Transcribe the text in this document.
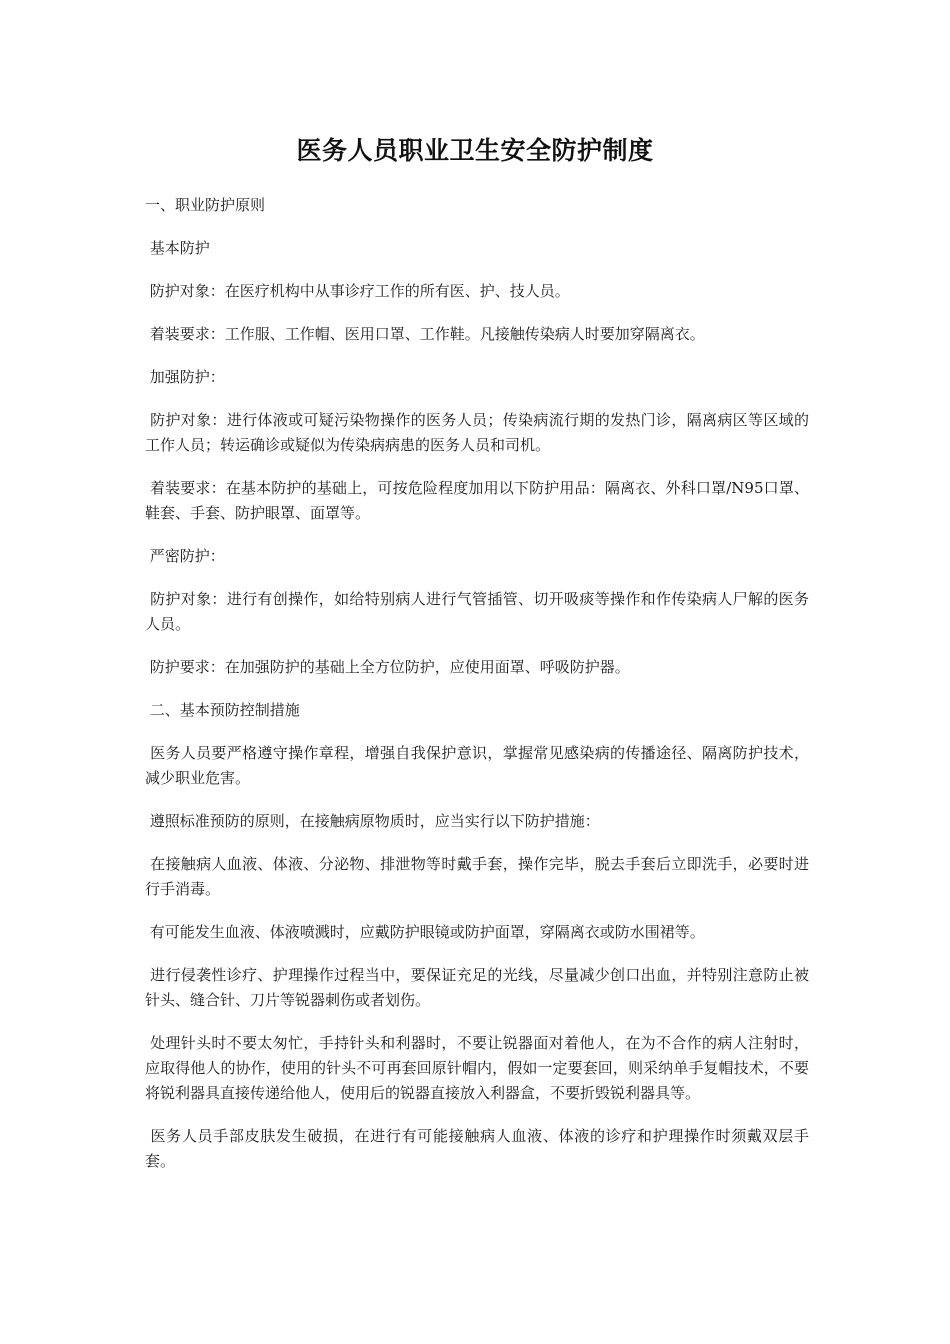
医务人员职业卫生安全防护制度

一、职业防护原则

基本防护

防护对象：在医疗机构中从事诊疗工作的所有医、护、技人员。

着装要求：工作服、工作帽、医用口罩、工作鞋。凡接触传染病人时要加穿隔离衣。

加强防护：

防护对象：进行体液或可疑污染物操作的医务人员；传染病流行期的发热门诊，隔离病区等区域的工作人员；转运确诊或疑似为传染病病患的医务人员和司机。

着装要求：在基本防护的基础上，可按危险程度加用以下防护用品：隔离衣、外科口罩/N95口罩、鞋套、手套、防护眼罩、面罩等。

严密防护：

防护对象：进行有创操作，如给特别病人进行气管插管、切开吸痰等操作和作传染病人尸解的医务人员。

防护要求：在加强防护的基础上全方位防护，应使用面罩、呼吸防护器。

二、基本预防控制措施

医务人员要严格遵守操作章程，增强自我保护意识，掌握常见感染病的传播途径、隔离防护技术，减少职业危害。

遵照标准预防的原则，在接触病原物质时，应当实行以下防护措施：

在接触病人血液、体液、分泌物、排泄物等时戴手套，操作完毕，脱去手套后立即洗手，必要时进行手消毒。

有可能发生血液、体液喷溅时，应戴防护眼镜或防护面罩，穿隔离衣或防水围裙等。

进行侵袭性诊疗、护理操作过程当中，要保证充足的光线，尽量减少创口出血，并特别注意防止被针头、缝合针、刀片等锐器刺伤或者划伤。

处理针头时不要太匆忙，手持针头和利器时，不要让锐器面对着他人，在为不合作的病人注射时，应取得他人的协作，使用的针头不可再套回原针帽内，假如一定要套回，则采纳单手复帽技术，不要将锐利器具直接传递给他人，使用后的锐器直接放入利器盒，不要折毁锐利器具等。

医务人员手部皮肤发生破损，在进行有可能接触病人血液、体液的诊疗和护理操作时须戴双层手套。
